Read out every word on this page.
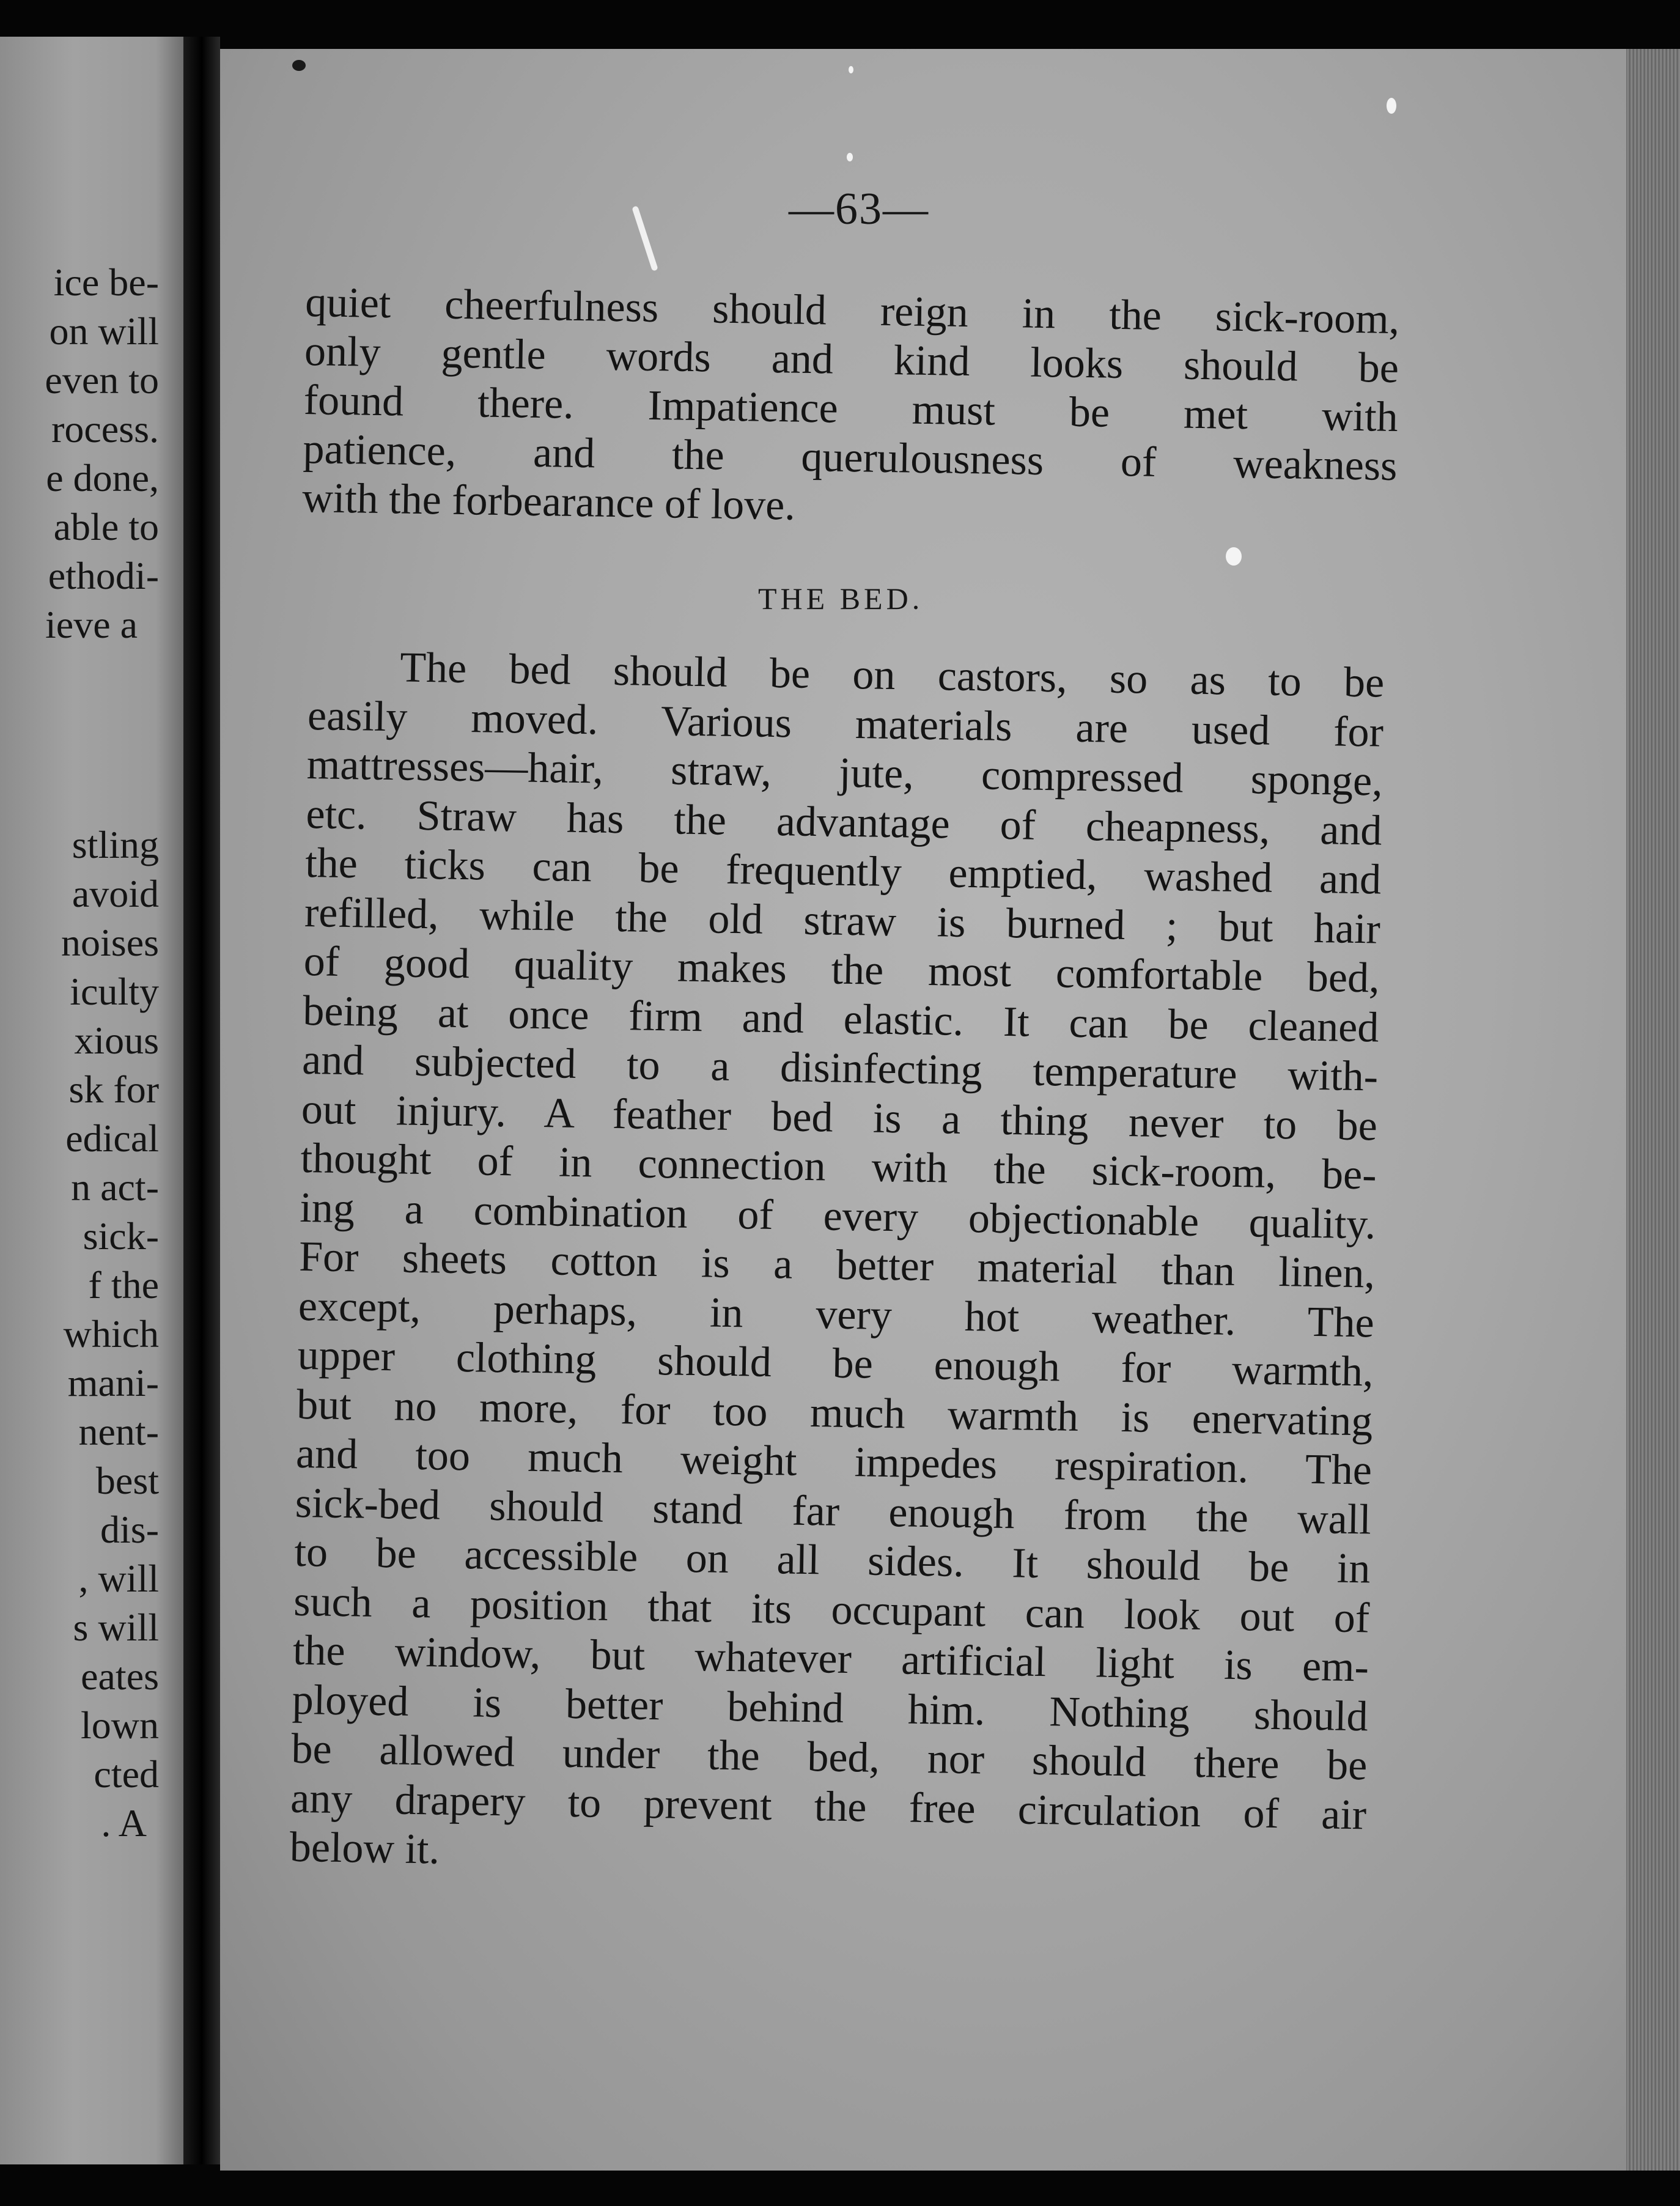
ice be-
on will
even to
rocess.
e done,
able to
ethodi-
ieve a
stling
avoid
noises
iculty
xious
sk for
edical
n act-
sick-
f the
which
mani-
nent-
best
dis-
, will
s will
eates
lown
cted
. A
—63—
quiet cheerfulness should reign in the sick-room,
only gentle words and kind looks should be
found there. Impatience must be met with
patience, and the querulousness of weakness
with the forbearance of love.
THE BED.
The bed should be on castors, so as to be
easily moved. Various materials are used for
mattresses—hair, straw, jute, compressed sponge,
etc. Straw has the advantage of cheapness, and
the ticks can be frequently emptied, washed and
refilled, while the old straw is burned ; but hair
of good quality makes the most comfortable bed,
being at once firm and elastic. It can be cleaned
and subjected to a disinfecting temperature with-
out injury. A feather bed is a thing never to be
thought of in connection with the sick-room, be-
ing a combination of every objectionable quality.
For sheets cotton is a better material than linen,
except, perhaps, in very hot weather. The
upper clothing should be enough for warmth,
but no more, for too much warmth is enervating
and too much weight impedes respiration. The
sick-bed should stand far enough from the wall
to be accessible on all sides. It should be in
such a position that its occupant can look out of
the window, but whatever artificial light is em-
ployed is better behind him. Nothing should
be allowed under the bed, nor should there be
any drapery to prevent the free circulation of air
below it.
